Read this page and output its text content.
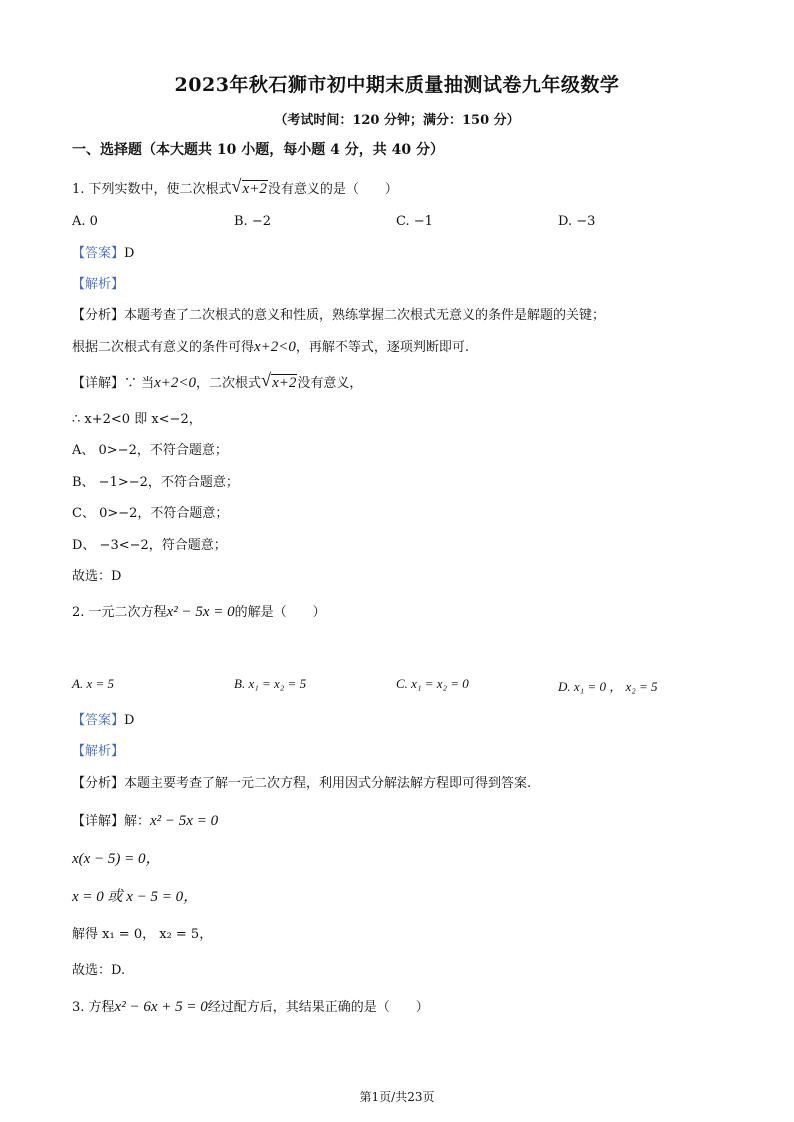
2023年秋石狮市初中期末质量抽测试卷九年级数学
（考试时间：120 分钟；满分：150 分）
一、选择题（本大题共 10 小题，每小题 4 分，共 40 分）
1. 下列实数中，使二次根式 √ x+2没有意义的是（　　）
A. 0	B. −2	C. −1	D. −3
【答案】D
【解析】
【分析】本题考查了二次根式的意义和性质，熟练掌握二次根式无意义的条件是解题的关键；
根据二次根式有意义的条件可得x+2<0，再解不等式，逐项判断即可.
【详解】∵ 当x+2<0，二次根式 √ x+2没有意义，
∴ x+2<0 即 x<−2，
A、 0>−2，不符合题意；
B、 −1>−2，不符合题意；
C、 0>−2，不符合题意；
D、 −3<−2，符合题意；
故选：D
2. 一元二次方程x² − 5x = 0的解是（　　）
A. x = 5	B. x₁ = x₂ = 5	C. x₁ = x₂ = 0	D. x₁ = 0 ， x₂ = 5
【答案】D
【解析】
【分析】本题主要考查了解一元二次方程，利用因式分解法解方程即可得到答案.
【详解】解：x² − 5x = 0
x(x − 5) = 0，
x = 0 或 x − 5 = 0，
解得 x₁ = 0， x₂ = 5，
故选：D.
3. 方程x² − 6x + 5 = 0经过配方后，其结果正确的是（　　）
第1页/共23页
